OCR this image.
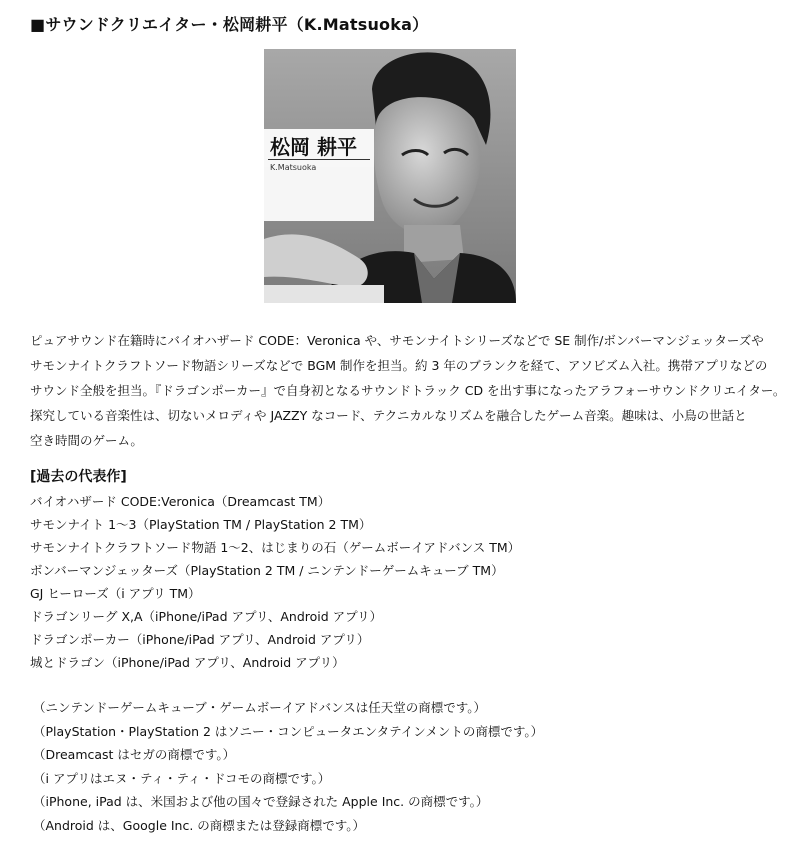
■サウンドクリエイター・松岡耕平（K.Matsuoka）
松岡 耕平
K.Matsuoka
ピュアサウンド在籍時にバイオハザード CODE：Veronica や、サモンナイトシリーズなどで SE 制作/ボンバーマンジェッターズや
サモンナイトクラフトソード物語シリーズなどで BGM 制作を担当。約 3 年のブランクを経て、アソビズム入社。携帯アプリなどの
サウンド全般を担当。『ドラゴンポーカー』で自身初となるサウンドトラック CD を出す事になったアラフォーサウンドクリエイター。
探究している音楽性は、切ないメロディや JAZZY なコード、テクニカルなリズムを融合したゲーム音楽。趣味は、小鳥の世話と
空き時間のゲーム。
[過去の代表作]
バイオハザード CODE:Veronica（Dreamcast TM）
サモンナイト 1～3（PlayStation TM / PlayStation 2 TM）
サモンナイトクラフトソード物語 1～2、はじまりの石（ゲームボーイアドバンス TM）
ボンバーマンジェッターズ（PlayStation 2 TM / ニンテンドーゲームキューブ TM）
GJ ヒーローズ（i アプリ TM）
ドラゴンリーグ X,A（iPhone/iPad アプリ、Android アプリ）
ドラゴンポーカー（iPhone/iPad アプリ、Android アプリ）
城とドラゴン（iPhone/iPad アプリ、Android アプリ）
（ニンテンドーゲームキューブ・ゲームボーイアドバンスは任天堂の商標です。）
（PlayStation・PlayStation 2 はソニー・コンピュータエンタテインメントの商標です。）
（Dreamcast はセガの商標です。）
（i アプリはエヌ・ティ・ティ・ドコモの商標です。）
（iPhone, iPad は、米国および他の国々で登録された Apple Inc. の商標です。）
（Android は、Google Inc. の商標または登録商標です。）
